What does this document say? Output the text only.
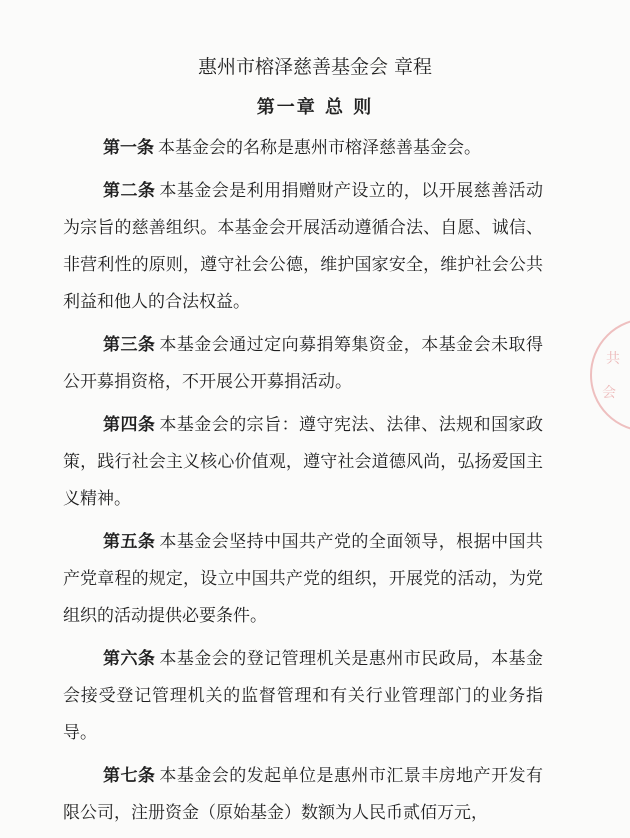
惠州市榕泽慈善基金会 章程
第一章 总 则

第一条 本基金会的名称是惠州市榕泽慈善基金会。

第二条 本基金会是利用捐赠财产设立的，以开展慈善活动为宗旨的慈善组织。本基金会开展活动遵循合法、自愿、诚信、非营利性的原则，遵守社会公德，维护国家安全，维护社会公共利益和他人的合法权益。

第三条 本基金会通过定向募捐筹集资金，本基金会未取得公开募捐资格，不开展公开募捐活动。

第四条 本基金会的宗旨：遵守宪法、法律、法规和国家政策，践行社会主义核心价值观，遵守社会道德风尚，弘扬爱国主义精神。

第五条 本基金会坚持中国共产党的全面领导，根据中国共产党章程的规定，设立中国共产党的组织，开展党的活动，为党组织的活动提供必要条件。

第六条 本基金会的登记管理机关是惠州市民政局，本基金会接受登记管理机关的监督管理和有关行业管理部门的业务指导。

第七条 本基金会的发起单位是惠州市汇景丰房地产开发有限公司，注册资金（原始基金）数额为人民币贰佰万元，

共
会
